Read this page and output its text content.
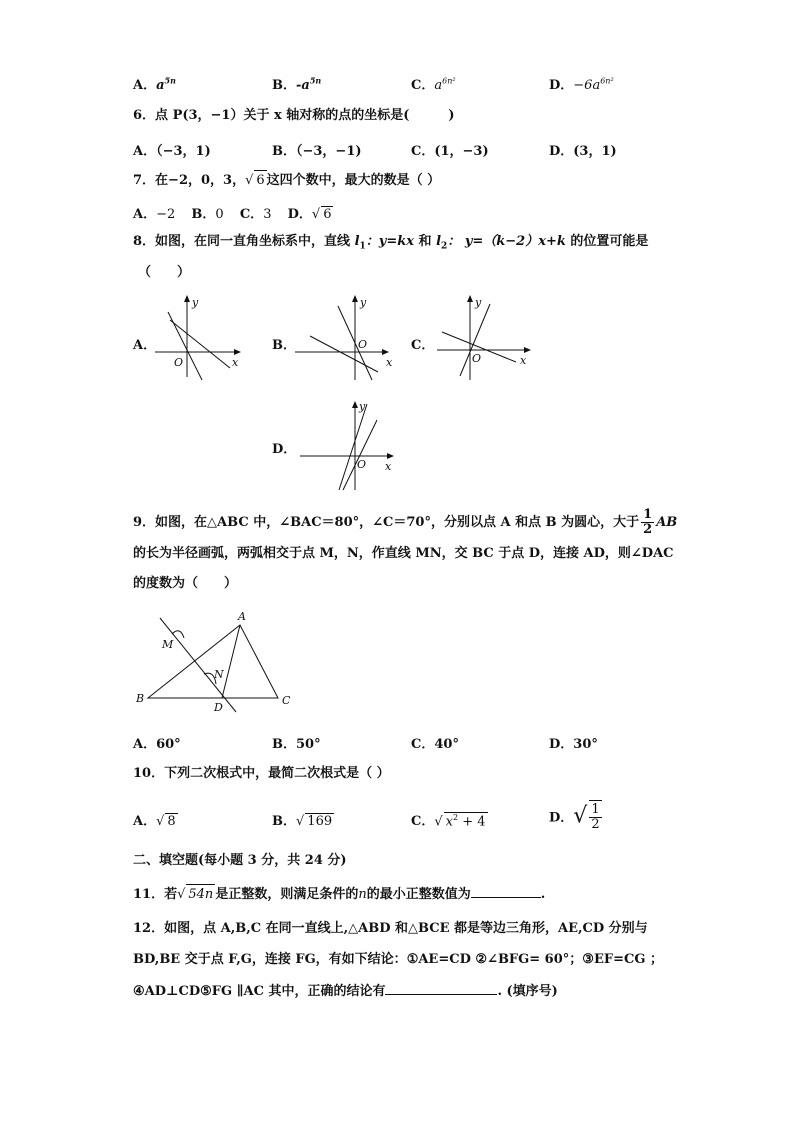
A．$a^{5n}$	B．$-a^{5n}$	C．$a^{6n^2}$	D．$-6a^{6n^2}$
6．点 P(3，−1）关于 x 轴对称的点的坐标是(　　　)
A．（−3，1)	B．（−3，−1)	C．(1，−3)	D．(3，1)
7．在−2，0，3，√ 6 这四个数中，最大的数是（ ）
A．−2 B．0 C．3 D．√ 6
8．如图，在同一直角坐标系中，直线 $l_1$：y=kx 和 $l_2$： y=（k−2）x+k 的位置可能是
（　　）
A．	B．	C．
D．
y
x
O
y
x
O
y
x
O
y
x
O
9．如图，在△ABC 中，∠BAC＝80°，∠C＝70°，分别以点 A 和点 B 为圆心，大于 $\frac{1}{2}$ AB
的长为半径画弧，两弧相交于点 M，N，作直线 MN，交 BC 于点 D，连接 AD，则∠DAC
的度数为（　　）
A
B	C
D
M
N
A．60°	B．50°	C．40°	D．30°
10．下列二次根式中，最简二次根式是（ ）
A．√ 8	B．√ 169	C．√ $x^2 + 4$	D．√ $\frac{1}{2}$
二、填空题(每小题 3 分，共 24 分)
11．若√ 54n 是正整数，则满足条件的n的最小正整数值为	.
12．如图，点 A,B,C 在同一直线上,△ABD 和△BCE 都是等边三角形，AE,CD 分别与
BD,BE 交于点 F,G，连接 FG，有如下结论：①AE=CD ②∠BFG= 60°；③EF=CG ；
④AD⊥CD⑤FG ∥AC 其中，正确的结论有	. (填序号)
